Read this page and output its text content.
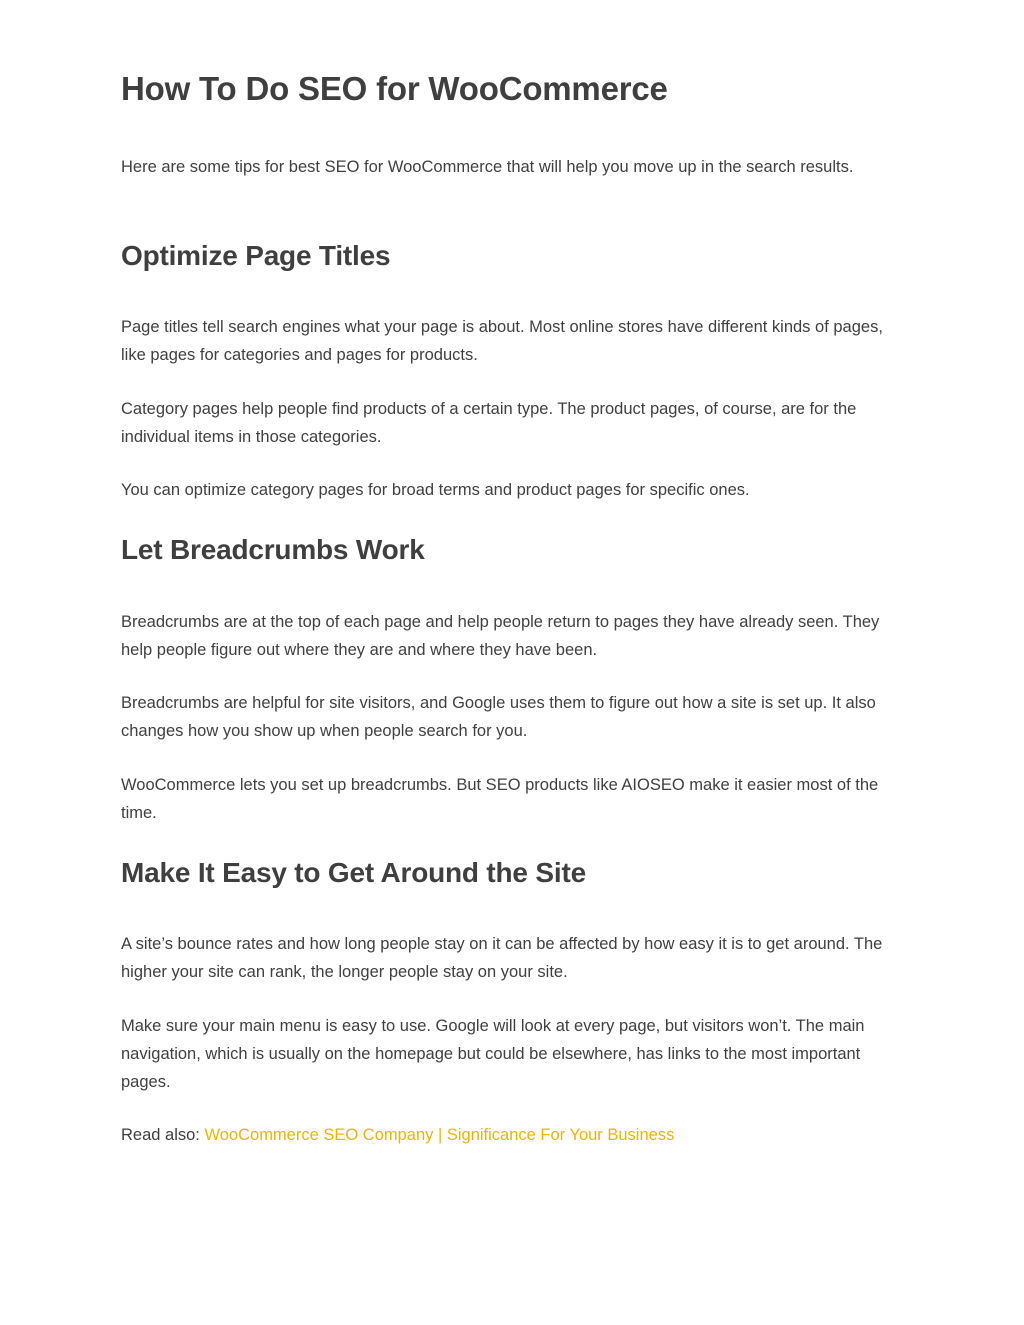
How To Do SEO for WooCommerce

Here are some tips for best SEO for WooCommerce that will help you move up in the search results.

Optimize Page Titles

Page titles tell search engines what your page is about. Most online stores have different kinds of pages, like pages for categories and pages for products.

Category pages help people find products of a certain type. The product pages, of course, are for the individual items in those categories.

You can optimize category pages for broad terms and product pages for specific ones.

Let Breadcrumbs Work

Breadcrumbs are at the top of each page and help people return to pages they have already seen. They help people figure out where they are and where they have been.

Breadcrumbs are helpful for site visitors, and Google uses them to figure out how a site is set up. It also changes how you show up when people search for you.

WooCommerce lets you set up breadcrumbs. But SEO products like AIOSEO make it easier most of the time.

Make It Easy to Get Around the Site

A site’s bounce rates and how long people stay on it can be affected by how easy it is to get around. The higher your site can rank, the longer people stay on your site.

Make sure your main menu is easy to use. Google will look at every page, but visitors won’t. The main navigation, which is usually on the homepage but could be elsewhere, has links to the most important pages.

Read also: WooCommerce SEO Company | Significance For Your Business
